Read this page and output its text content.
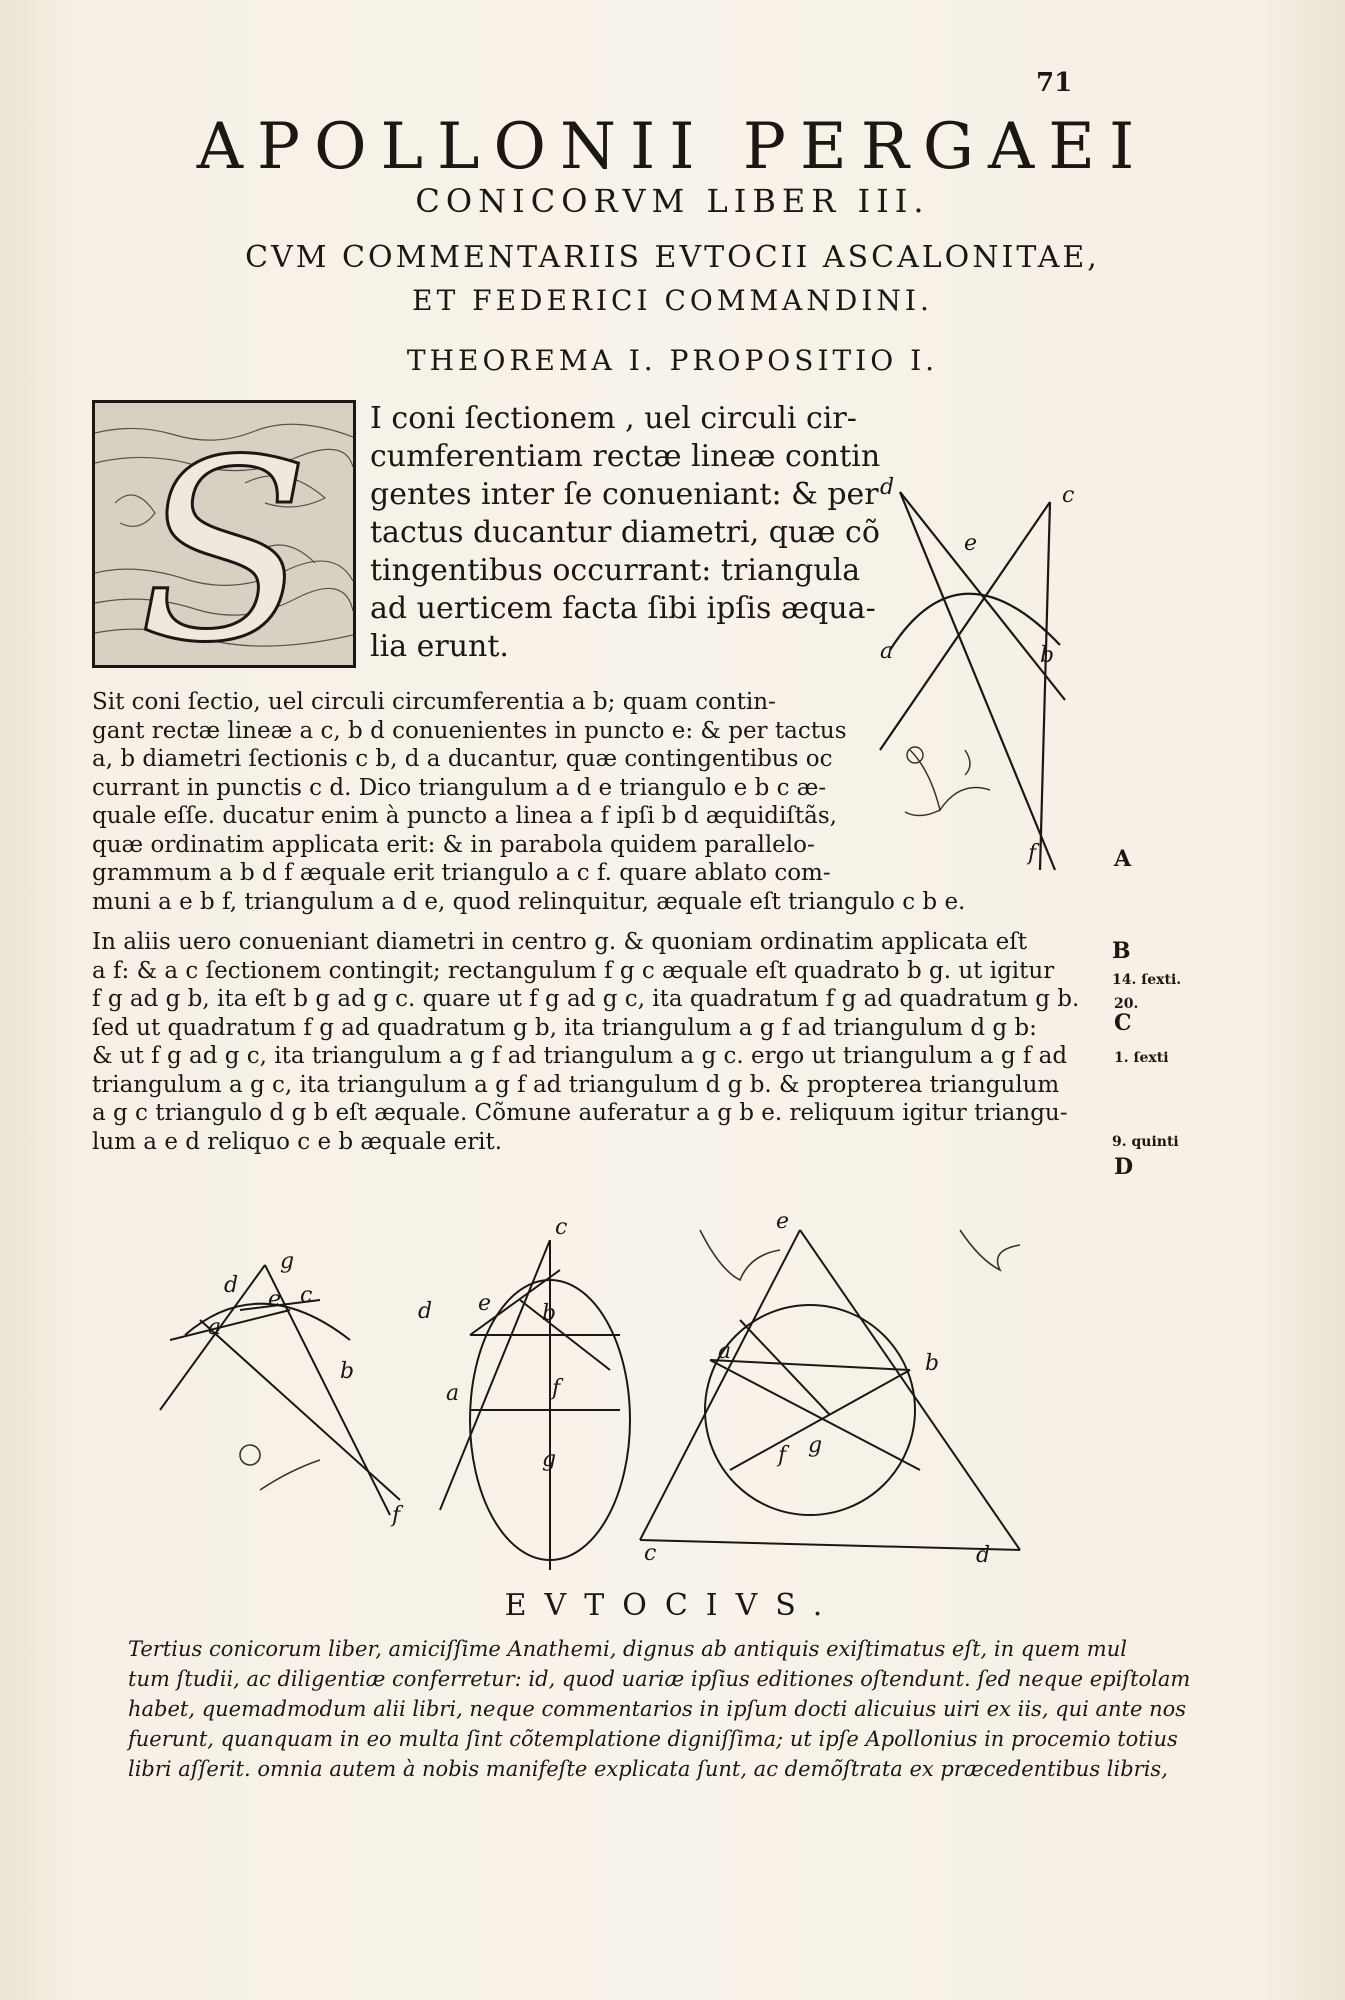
71
APOLLONII PERGAEI
CONICORVM LIBER III.
CVM COMMENTARIIS EVTOCII ASCALONITAE,
ET FEDERICI COMMANDINI.
THEOREMA I. PROPOSITIO I.
S I coni ſectionem , uel circuli cir-
cumferentiam rectæ lineæ contin
gentes inter ſe conueniant: & per
tactus ducantur diametri, quæ cõ
tingentibus occurrant: triangula
ad uerticem facta ſibi ipſis æqua-
lia erunt.
c
e
d
a	b
f
Sit coni ſectio, uel circuli circumferentia a b; quam contin-
gant rectæ lineæ a c, b d conuenientes in puncto e: & per tactus
a, b diametri ſectionis c b, d a ducantur, quæ contingentibus oc
currant in punctis c d. Dico triangulum a d e triangulo e b c æ-
quale eſſe. ducatur enim à puncto a linea a f ipſi b d æquidiſtãs,
quæ ordinatim applicata erit: & in parabola quidem parallelo-
grammum a b d f æquale erit triangulo a c f. quare ablato com-
muni a e b f, triangulum a d e, quod relinquitur, æquale eſt triangulo c b e.
In aliis uero conueniant diametri in centro g. & quoniam ordinatim applicata eſt
a f: & a c ſectionem contingit; rectangulum f g c æquale eſt quadrato b g. ut igitur
f g ad g b, ita eſt b g ad g c. quare ut f g ad g c, ita quadratum f g ad quadratum g b.
ſed ut quadratum f g ad quadratum g b, ita triangulum a g f ad triangulum d g b:
& ut f g ad g c, ita triangulum a g f ad triangulum a g c. ergo ut triangulum a g f ad
triangulum a g c, ita triangulum a g f ad triangulum d g b. & propterea triangulum
a g c triangulo d g b eſt æquale. Cõmune auferatur a g b e. reliquum igitur triangu-
lum a e d reliquo c e b æquale erit.
A
B
14. ſexti.
20.
C
1. ſexti
9. quinti
D
g
c
e
d
a
b
f
c
d e b
a	f
g
e
a	b
f g
c	d
EVTOCIVS.
Tertius conicorum liber, amiciſſime Anathemi, dignus ab antiquis exiſtimatus eſt, in quem mul
tum ſtudii, ac diligentiæ conferretur: id, quod uariæ ipſius editiones oſtendunt. ſed neque epiſtolam
habet, quemadmodum alii libri, neque commentarios in ipſum docti alicuius uiri ex iis, qui ante nos
fuerunt, quanquam in eo multa ſint cõtemplatione digniſſima; ut ipſe Apollonius in procemio totius
libri aſſerit. omnia autem à nobis manifeſte explicata ſunt, ac demõſtrata ex præcedentibus libris,
